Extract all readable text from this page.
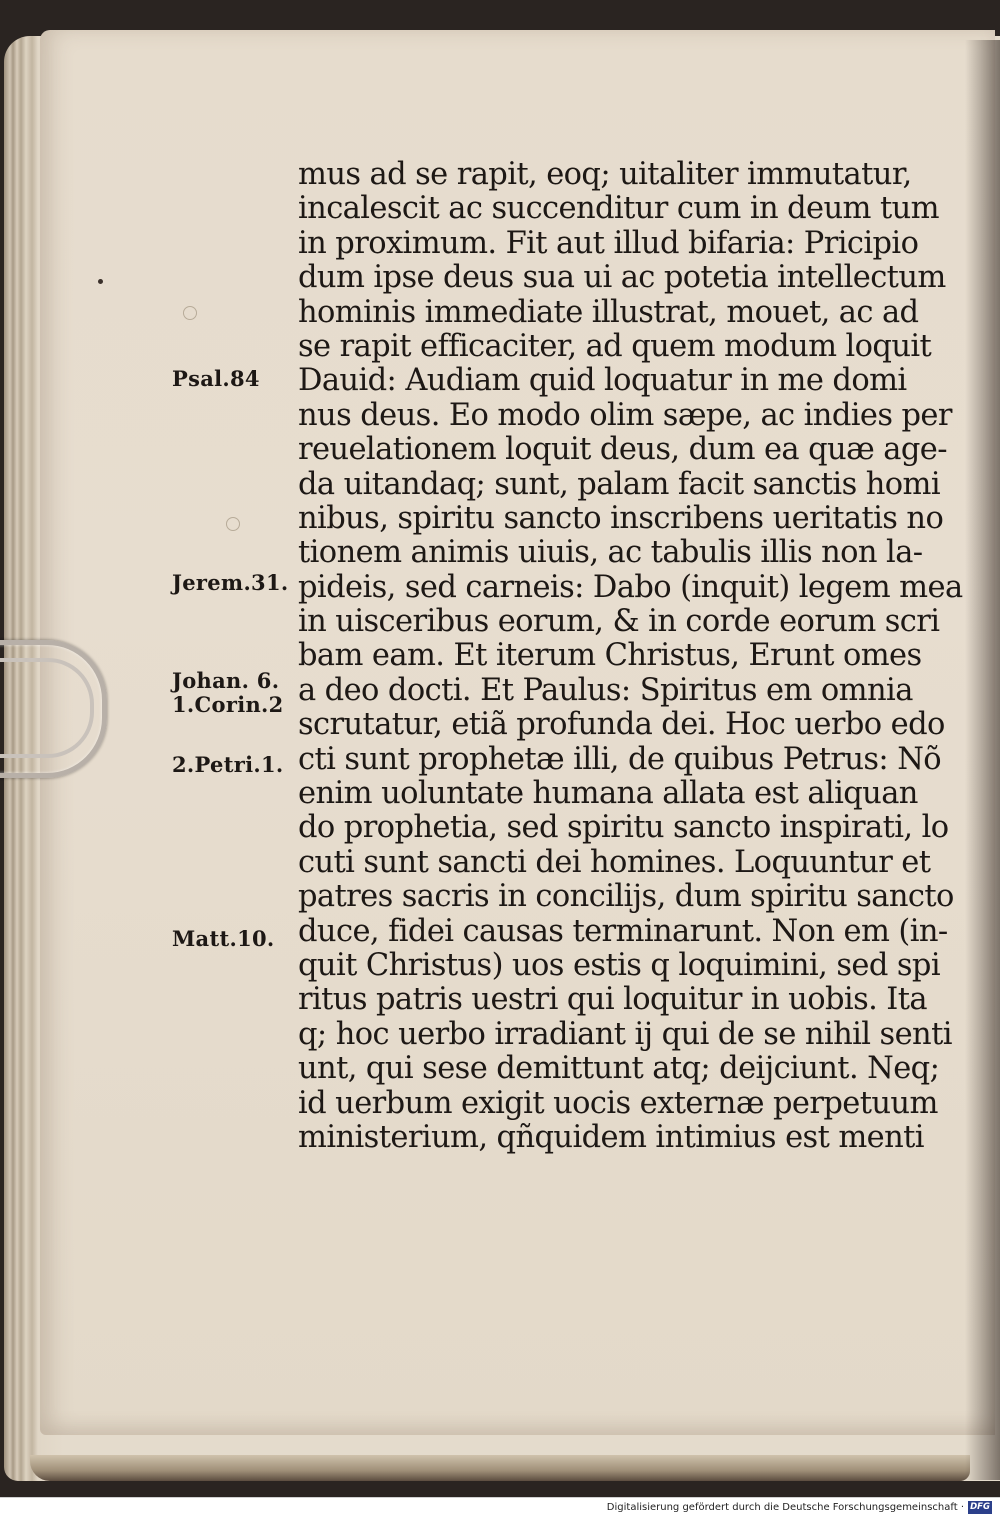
mus ad se rapit, eoq; uitaliter immutatur,
incalescit ac succenditur cum in deum tum
in proximum. Fit aut illud bifaria: Pricipio
dum ipse deus sua ui ac potetia intellectum
hominis immediate illustrat, mouet, ac ad
se rapit efficaciter, ad quem modum loquit
Dauid: Audiam quid loquatur in me domi
nus deus. Eo modo olim sæpe, ac indies per
reuelationem loquit deus, dum ea quæ age-
da uitandaq; sunt, palam facit sanctis homi
nibus, spiritu sancto inscribens ueritatis no
tionem animis uiuis, ac tabulis illis non la-
pideis, sed carneis: Dabo (inquit) legem mea
in uisceribus eorum, & in corde eorum scri
bam eam. Et iterum Christus, Erunt omes
a deo docti. Et Paulus: Spiritus em omnia
scrutatur, etiã profunda dei. Hoc uerbo edo
cti sunt prophetæ illi, de quibus Petrus: Nõ
enim uoluntate humana allata est aliquan
do prophetia, sed spiritu sancto inspirati, lo
cuti sunt sancti dei homines. Loquuntur et
patres sacris in concilijs, dum spiritu sancto
duce, fidei causas terminarunt. Non em (in-
quit Christus) uos estis q loquimini, sed spi
ritus patris uestri qui loquitur in uobis. Ita
q; hoc uerbo irradiant ij qui de se nihil senti
unt, qui sese demittunt atq; deijciunt. Neq;
id uerbum exigit uocis externæ perpetuum
ministerium, qñquidem intimius est menti
Psal.84
Jerem.31.
Johan. 6.
1.Corin.2
2.Petri.1.
Matt.10.
Digitalisierung gefördert durch die Deutsche Forschungsgemeinschaft · DFG
